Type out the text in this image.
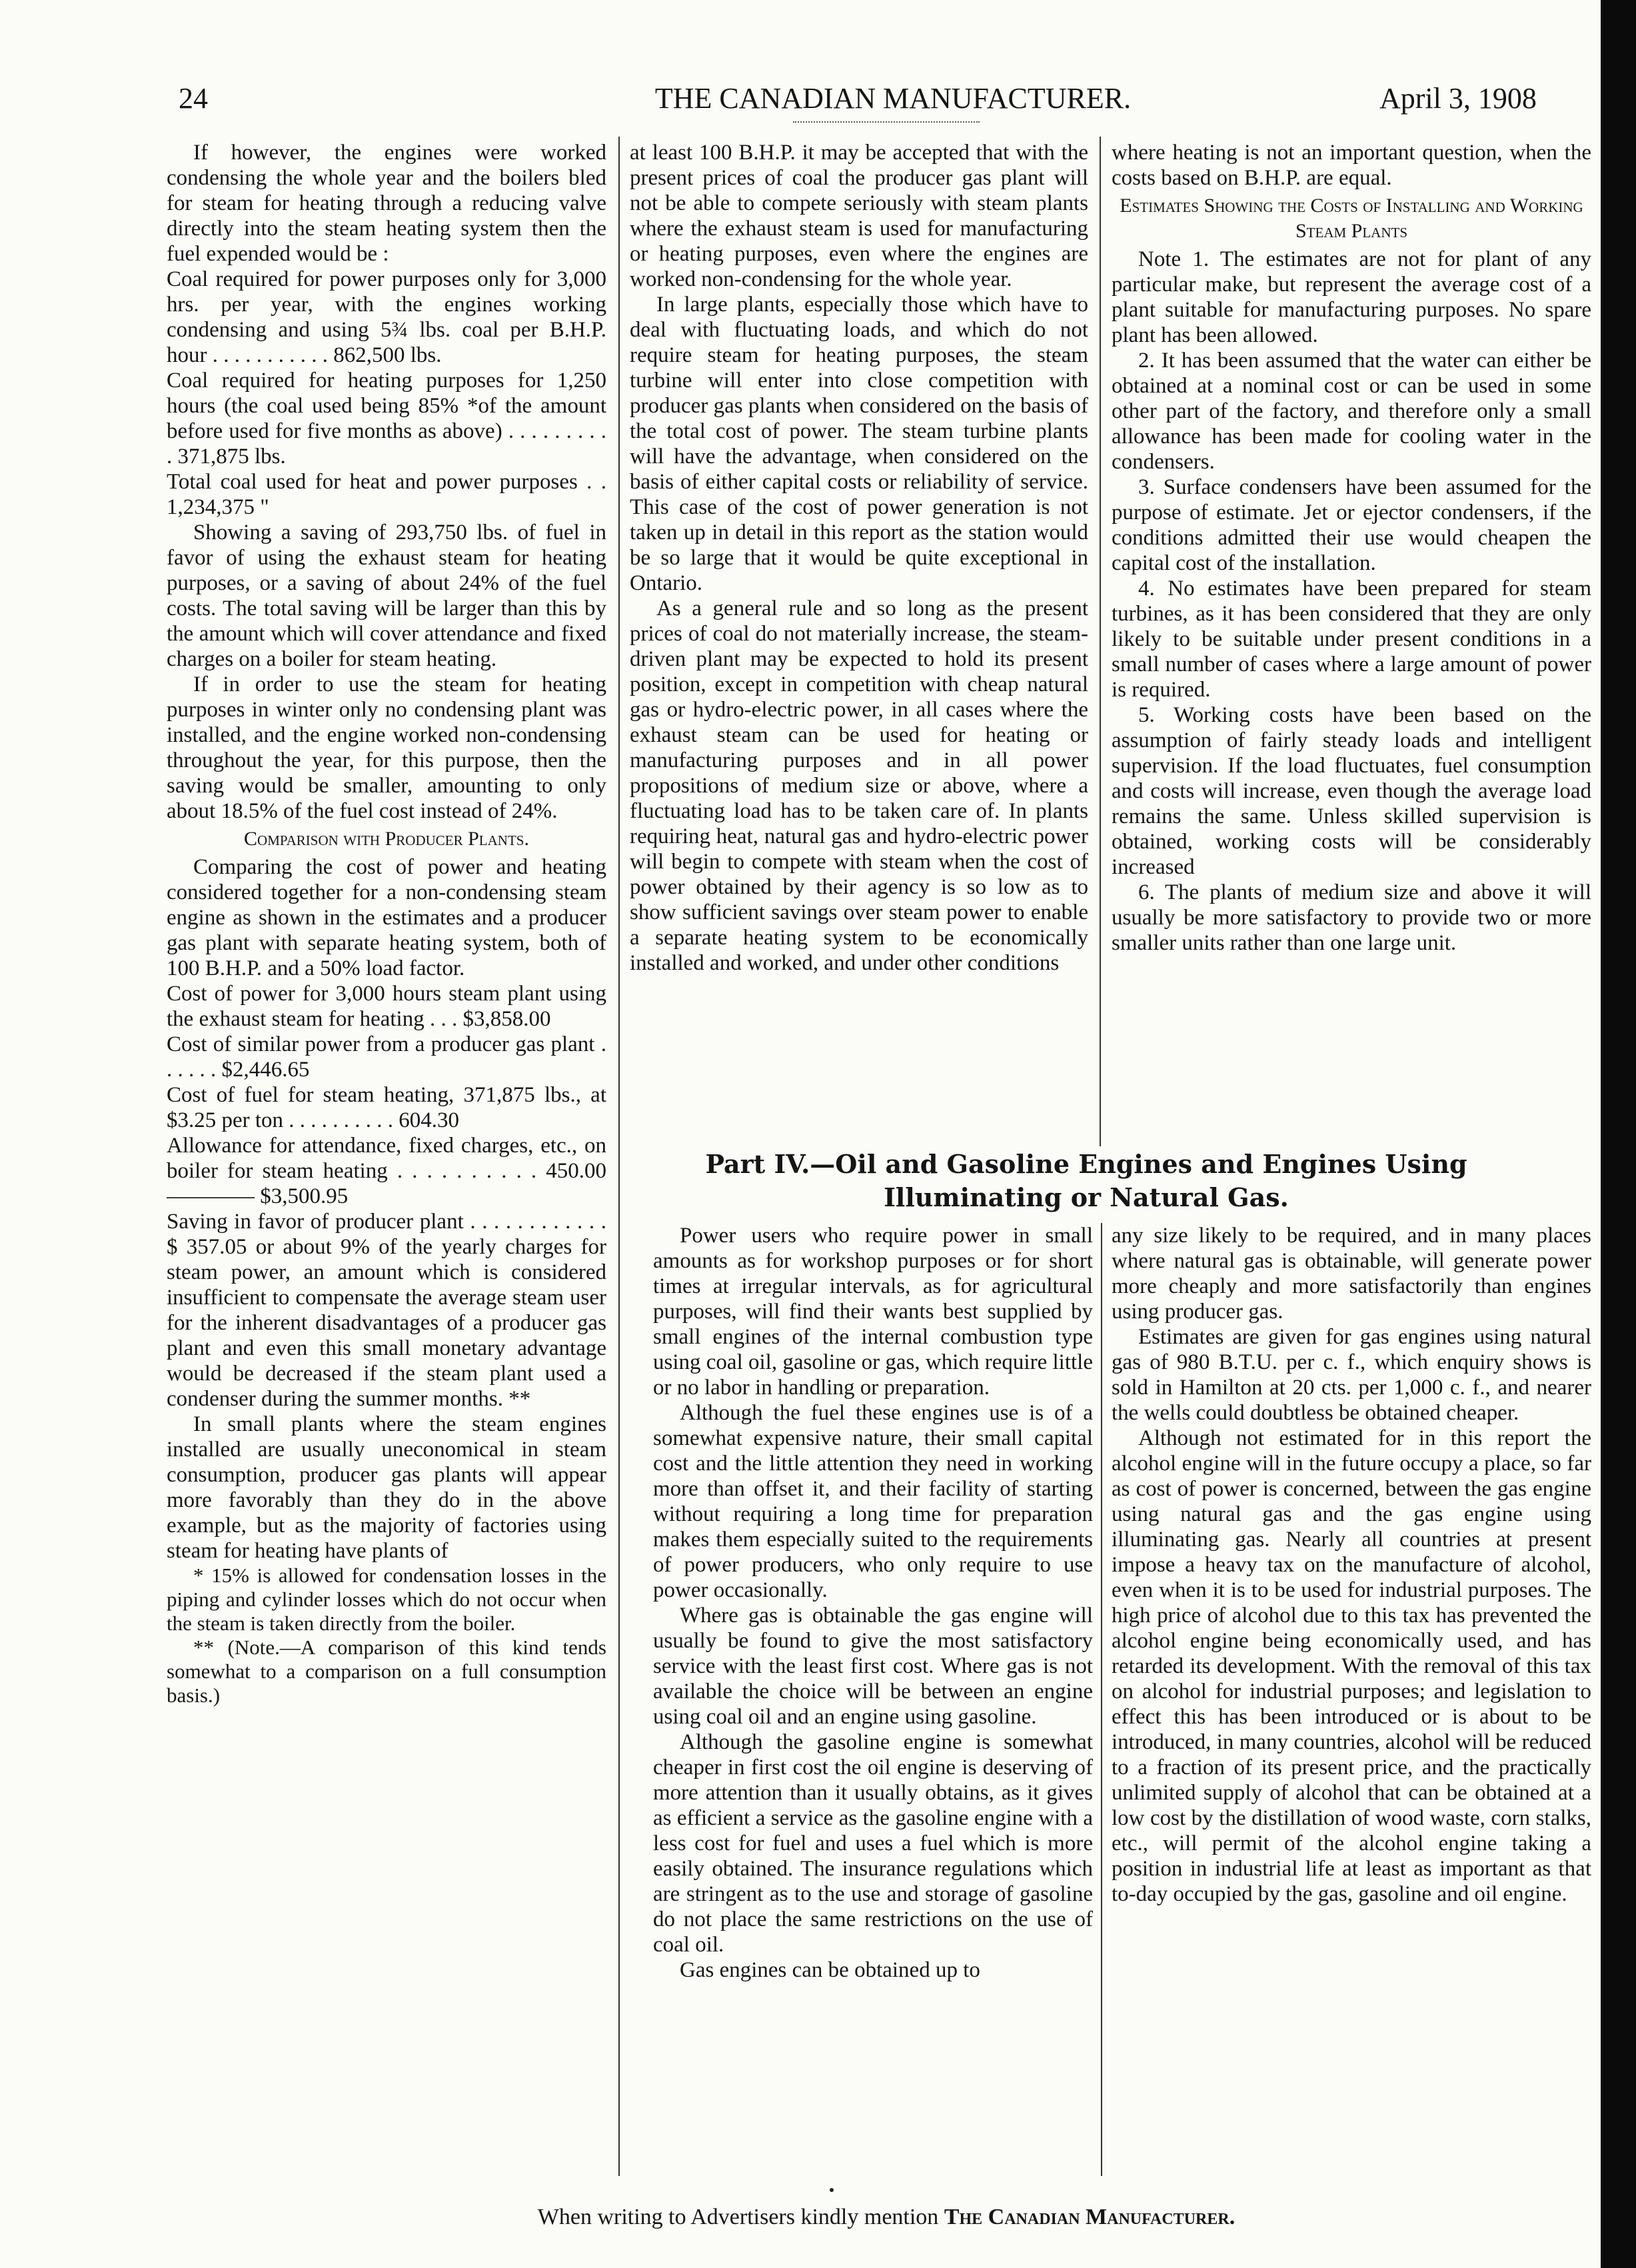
24	THE CANADIAN MANUFACTURER.	April 3, 1908

If however, the engines were worked condensing the whole year and the boilers bled for steam for heating through a reducing valve directly into the steam heating system then the fuel expended would be :

Coal required for power purposes only for 3,000 hrs. per year, with the engines working condensing and using 5¾ lbs. coal per B.H.P. hour . . . . . . . . . . . 862,500 lbs.

Coal required for heating purposes for 1,250 hours (the coal used being 85% *of the amount before used for five months as above) . . . . . . . . . . 371,875 lbs.

Total coal used for heat and power purposes . . 1,234,375 "

Showing a saving of 293,750 lbs. of fuel in favor of using the exhaust steam for heating purposes, or a saving of about 24% of the fuel costs. The total saving will be larger than this by the amount which will cover attendance and fixed charges on a boiler for steam heating.

If in order to use the steam for heating purposes in winter only no condensing plant was installed, and the engine worked non-condensing throughout the year, for this purpose, then the saving would be smaller, amounting to only about 18.5% of the fuel cost instead of 24%.

Comparison with Producer Plants.

Comparing the cost of power and heating considered together for a non-condensing steam engine as shown in the estimates and a producer gas plant with separate heating system, both of 100 B.H.P. and a 50% load factor.

Cost of power for 3,000 hours steam plant using the exhaust steam for heating . . . $3,858.00

Cost of similar power from a producer gas plant . . . . . . $2,446.65

Cost of fuel for steam heating, 371,875 lbs., at $3.25 per ton . . . . . . . . . . 604.30

Allowance for attendance, fixed charges, etc., on boiler for steam heating . . . . . . . . . . 450.00 ———— $3,500.95

Saving in favor of producer plant . . . . . . . . . . . . $ 357.05 or about 9% of the yearly charges for steam power, an amount which is considered insufficient to compensate the average steam user for the inherent disadvantages of a producer gas plant and even this small monetary advantage would be decreased if the steam plant used a condenser during the summer months. **

In small plants where the steam engines installed are usually uneconomical in steam consumption, producer gas plants will appear more favorably than they do in the above example, but as the majority of factories using steam for heating have plants of

* 15% is allowed for condensation losses in the piping and cylinder losses which do not occur when the steam is taken directly from the boiler.

** (Note.—A comparison of this kind tends somewhat to a comparison on a full consumption basis.)

at least 100 B.H.P. it may be accepted that with the present prices of coal the producer gas plant will not be able to compete seriously with steam plants where the exhaust steam is used for manufacturing or heating purposes, even where the engines are worked non-condensing for the whole year.

In large plants, especially those which have to deal with fluctuating loads, and which do not require steam for heating purposes, the steam turbine will enter into close competition with producer gas plants when considered on the basis of the total cost of power. The steam turbine plants will have the advantage, when considered on the basis of either capital costs or reliability of service. This case of the cost of power generation is not taken up in detail in this report as the station would be so large that it would be quite exceptional in Ontario.

As a general rule and so long as the present prices of coal do not materially increase, the steam-driven plant may be expected to hold its present position, except in competition with cheap natural gas or hydro-electric power, in all cases where the exhaust steam can be used for heating or manufacturing purposes and in all power propositions of medium size or above, where a fluctuating load has to be taken care of. In plants requiring heat, natural gas and hydro-electric power will begin to compete with steam when the cost of power obtained by their agency is so low as to show sufficient savings over steam power to enable a separate heating system to be economically installed and worked, and under other conditions

where heating is not an important question, when the costs based on B.H.P. are equal.

Estimates Showing the Costs of Installing and Working Steam Plants

Note 1. The estimates are not for plant of any particular make, but represent the average cost of a plant suitable for manufacturing purposes. No spare plant has been allowed.

2. It has been assumed that the water can either be obtained at a nominal cost or can be used in some other part of the factory, and therefore only a small allowance has been made for cooling water in the condensers.

3. Surface condensers have been assumed for the purpose of estimate. Jet or ejector condensers, if the conditions admitted their use would cheapen the capital cost of the installation.

4. No estimates have been prepared for steam turbines, as it has been considered that they are only likely to be suitable under present conditions in a small number of cases where a large amount of power is required.

5. Working costs have been based on the assumption of fairly steady loads and intelligent supervision. If the load fluctuates, fuel consumption and costs will increase, even though the average load remains the same. Unless skilled supervision is obtained, working costs will be considerably increased

6. The plants of medium size and above it will usually be more satisfactory to provide two or more smaller units rather than one large unit.

Part IV.—Oil and Gasoline Engines and Engines Using
Illuminating or Natural Gas.

Power users who require power in small amounts as for workshop purposes or for short times at irregular intervals, as for agricultural purposes, will find their wants best supplied by small engines of the internal combustion type using coal oil, gasoline or gas, which require little or no labor in handling or preparation.

Although the fuel these engines use is of a somewhat expensive nature, their small capital cost and the little attention they need in working more than offset it, and their facility of starting without requiring a long time for preparation makes them especially suited to the requirements of power producers, who only require to use power occasionally.

Where gas is obtainable the gas engine will usually be found to give the most satisfactory service with the least first cost. Where gas is not available the choice will be between an engine using coal oil and an engine using gasoline.

Although the gasoline engine is somewhat cheaper in first cost the oil engine is deserving of more attention than it usually obtains, as it gives as efficient a service as the gasoline engine with a less cost for fuel and uses a fuel which is more easily obtained. The insurance regulations which are stringent as to the use and storage of gasoline do not place the same restrictions on the use of coal oil.

Gas engines can be obtained up to

any size likely to be required, and in many places where natural gas is obtainable, will generate power more cheaply and more satisfactorily than engines using producer gas.

Estimates are given for gas engines using natural gas of 980 B.T.U. per c. f., which enquiry shows is sold in Hamilton at 20 cts. per 1,000 c. f., and nearer the wells could doubtless be obtained cheaper.

Although not estimated for in this report the alcohol engine will in the future occupy a place, so far as cost of power is concerned, between the gas engine using natural gas and the gas engine using illuminating gas. Nearly all countries at present impose a heavy tax on the manufacture of alcohol, even when it is to be used for industrial purposes. The high price of alcohol due to this tax has prevented the alcohol engine being economically used, and has retarded its development. With the removal of this tax on alcohol for industrial purposes; and legislation to effect this has been introduced or is about to be introduced, in many countries, alcohol will be reduced to a fraction of its present price, and the practically unlimited supply of alcohol that can be obtained at a low cost by the distillation of wood waste, corn stalks, etc., will permit of the alcohol engine taking a position in industrial life at least as important as that to-day occupied by the gas, gasoline and oil engine.

When writing to Advertisers kindly mention The Canadian Manufacturer.
